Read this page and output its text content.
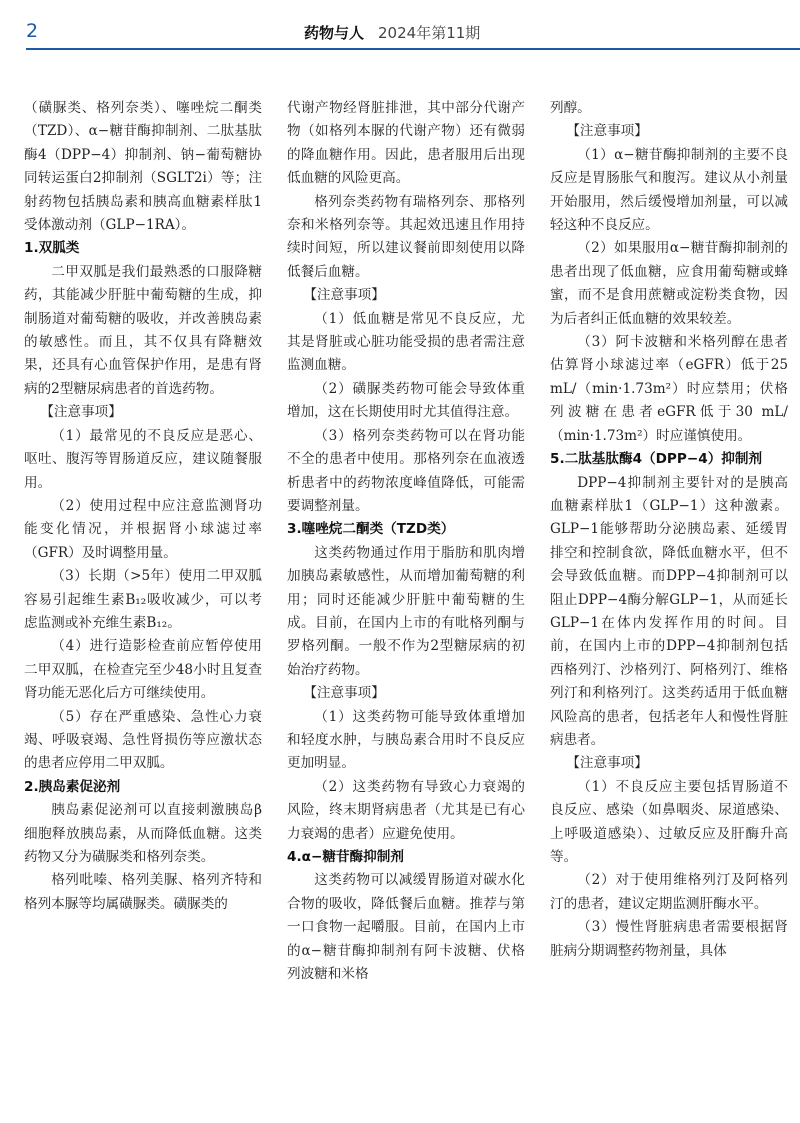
2	药物与人 2024年第11期

（磺脲类、格列奈类）、噻唑烷二酮类（TZD）、α−糖苷酶抑制剂、二肽基肽酶4（DPP−4）抑制剂、钠−葡萄糖协同转运蛋白2抑制剂（SGLT2i）等；注射药物包括胰岛素和胰高血糖素样肽1受体激动剂（GLP−1RA）。

1.双胍类

二甲双胍是我们最熟悉的口服降糖药，其能减少肝脏中葡萄糖的生成，抑制肠道对葡萄糖的吸收，并改善胰岛素的敏感性。而且，其不仅具有降糖效果，还具有心血管保护作用，是患有肾病的2型糖尿病患者的首选药物。

【注意事项】

（1）最常见的不良反应是恶心、呕吐、腹泻等胃肠道反应，建议随餐服用。

（2）使用过程中应注意监测肾功能变化情况，并根据肾小球滤过率（GFR）及时调整用量。

（3）长期（>5年）使用二甲双胍容易引起维生素B₁₂吸收减少，可以考虑监测或补充维生素B₁₂。

（4）进行造影检查前应暂停使用二甲双胍，在检查完至少48小时且复查肾功能无恶化后方可继续使用。

（5）存在严重感染、急性心力衰竭、呼吸衰竭、急性肾损伤等应激状态的患者应停用二甲双胍。

2.胰岛素促泌剂

胰岛素促泌剂可以直接刺激胰岛β细胞释放胰岛素，从而降低血糖。这类药物又分为磺脲类和格列奈类。

格列吡嗪、格列美脲、格列齐特和格列本脲等均属磺脲类。磺脲类的

代谢产物经肾脏排泄，其中部分代谢产物（如格列本脲的代谢产物）还有微弱的降血糖作用。因此，患者服用后出现低血糖的风险更高。

格列奈类药物有瑞格列奈、那格列奈和米格列奈等。其起效迅速且作用持续时间短，所以建议餐前即刻使用以降低餐后血糖。

【注意事项】

（1）低血糖是常见不良反应，尤其是肾脏或心脏功能受损的患者需注意监测血糖。

（2）磺脲类药物可能会导致体重增加，这在长期使用时尤其值得注意。

（3）格列奈类药物可以在肾功能不全的患者中使用。那格列奈在血液透析患者中的药物浓度峰值降低，可能需要调整剂量。

3.噻唑烷二酮类（TZD类）

这类药物通过作用于脂肪和肌肉增加胰岛素敏感性，从而增加葡萄糖的利用；同时还能减少肝脏中葡萄糖的生成。目前，在国内上市的有吡格列酮与罗格列酮。一般不作为2型糖尿病的初始治疗药物。

【注意事项】

（1）这类药物可能导致体重增加和轻度水肿，与胰岛素合用时不良反应更加明显。

（2）这类药物有导致心力衰竭的风险，终末期肾病患者（尤其是已有心力衰竭的患者）应避免使用。

4.α−糖苷酶抑制剂

这类药物可以减缓胃肠道对碳水化合物的吸收，降低餐后血糖。推荐与第一口食物一起嚼服。目前，在国内上市的α−糖苷酶抑制剂有阿卡波糖、伏格列波糖和米格

列醇。

【注意事项】

（1）α−糖苷酶抑制剂的主要不良反应是胃肠胀气和腹泻。建议从小剂量开始服用，然后缓慢增加剂量，可以减轻这种不良反应。

（2）如果服用α−糖苷酶抑制剂的患者出现了低血糖，应食用葡萄糖或蜂蜜，而不是食用蔗糖或淀粉类食物，因为后者纠正低血糖的效果较差。

（3）阿卡波糖和米格列醇在患者估算肾小球滤过率（eGFR）低于25 mL/（min·1.73m²）时应禁用；伏格列波糖在患者eGFR低于30 mL/（min·1.73m²）时应谨慎使用。

5.二肽基肽酶4（DPP−4）抑制剂

DPP−4抑制剂主要针对的是胰高血糖素样肽1（GLP−1）这种激素。GLP−1能够帮助分泌胰岛素、延缓胃排空和控制食欲，降低血糖水平，但不会导致低血糖。而DPP−4抑制剂可以阻止DPP−4酶分解GLP−1，从而延长GLP−1在体内发挥作用的时间。目前，在国内上市的DPP−4抑制剂包括西格列汀、沙格列汀、阿格列汀、维格列汀和利格列汀。这类药适用于低血糖风险高的患者，包括老年人和慢性肾脏病患者。

【注意事项】

（1）不良反应主要包括胃肠道不良反应、感染（如鼻咽炎、尿道感染、上呼吸道感染）、过敏反应及肝酶升高等。

（2）对于使用维格列汀及阿格列汀的患者，建议定期监测肝酶水平。

（3）慢性肾脏病患者需要根据肾脏病分期调整药物剂量，具体
